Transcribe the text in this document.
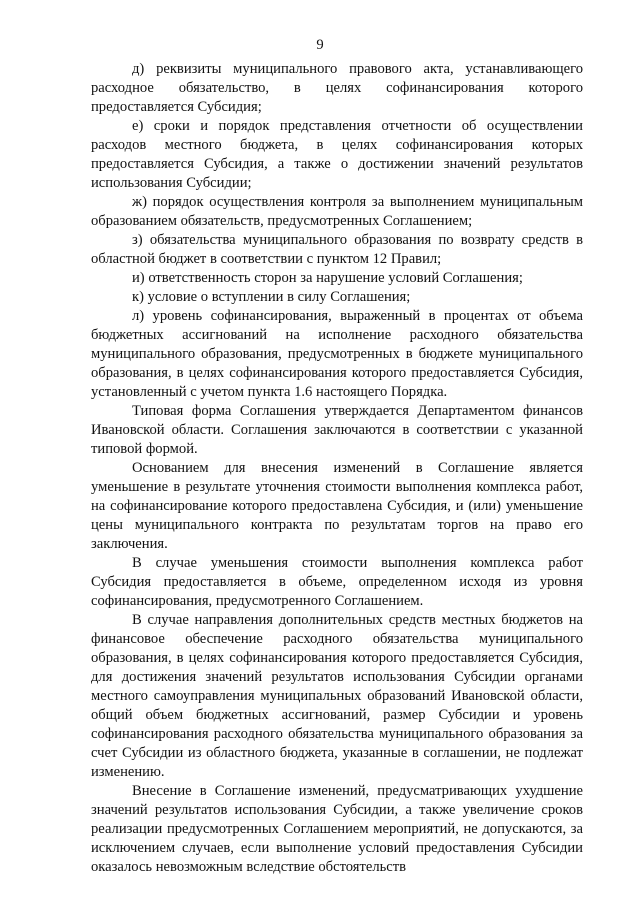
9

д) реквизиты муниципального правового акта, устанавливающего расходное обязательство, в целях софинансирования которого предоставляется Субсидия;

е) сроки и порядок представления отчетности об осуществлении расходов местного бюджета, в целях софинансирования которых предоставляется Субсидия, а также о достижении значений результатов использования Субсидии;

ж) порядок осуществления контроля за выполнением муниципальным образованием обязательств, предусмотренных Соглашением;

з) обязательства муниципального образования по возврату средств в областной бюджет в соответствии с пунктом 12 Правил;

и) ответственность сторон за нарушение условий Соглашения;

к) условие о вступлении в силу Соглашения;

л) уровень софинансирования, выраженный в процентах от объема бюджетных ассигнований на исполнение расходного обязательства муниципального образования, предусмотренных в бюджете муниципального образования, в целях софинансирования которого предоставляется Субсидия, установленный с учетом пункта 1.6 настоящего Порядка.

Типовая форма Соглашения утверждается Департаментом финансов Ивановской области. Соглашения заключаются в соответствии с указанной типовой формой.

Основанием для внесения изменений в Соглашение является уменьшение в результате уточнения стоимости выполнения комплекса работ, на софинансирование которого предоставлена Субсидия, и (или) уменьшение цены муниципального контракта по результатам торгов на право его заключения.

В случае уменьшения стоимости выполнения комплекса работ Субсидия предоставляется в объеме, определенном исходя из уровня софинансирования, предусмотренного Соглашением.

В случае направления дополнительных средств местных бюджетов на финансовое обеспечение расходного обязательства муниципального образования, в целях софинансирования которого предоставляется Субсидия, для достижения значений результатов использования Субсидии органами местного самоуправления муниципальных образований Ивановской области, общий объем бюджетных ассигнований, размер Субсидии и уровень софинансирования расходного обязательства муниципального образования за счет Субсидии из областного бюджета, указанные в соглашении, не подлежат изменению.

Внесение в Соглашение изменений, предусматривающих ухудшение значений результатов использования Субсидии, а также увеличение сроков реализации предусмотренных Соглашением мероприятий, не допускаются, за исключением случаев, если выполнение условий предоставления Субсидии оказалось невозможным вследствие обстоятельств
